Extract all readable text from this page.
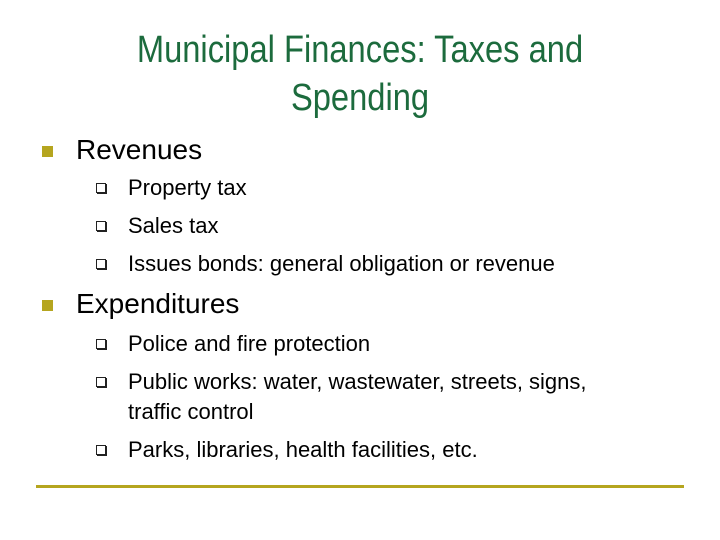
Municipal Finances: Taxes and
Spending
Revenues
Property tax
Sales tax
Issues bonds: general obligation or revenue
Expenditures
Police and fire protection
Public works: water, wastewater, streets, signs,
traffic control
Parks, libraries, health facilities, etc.
